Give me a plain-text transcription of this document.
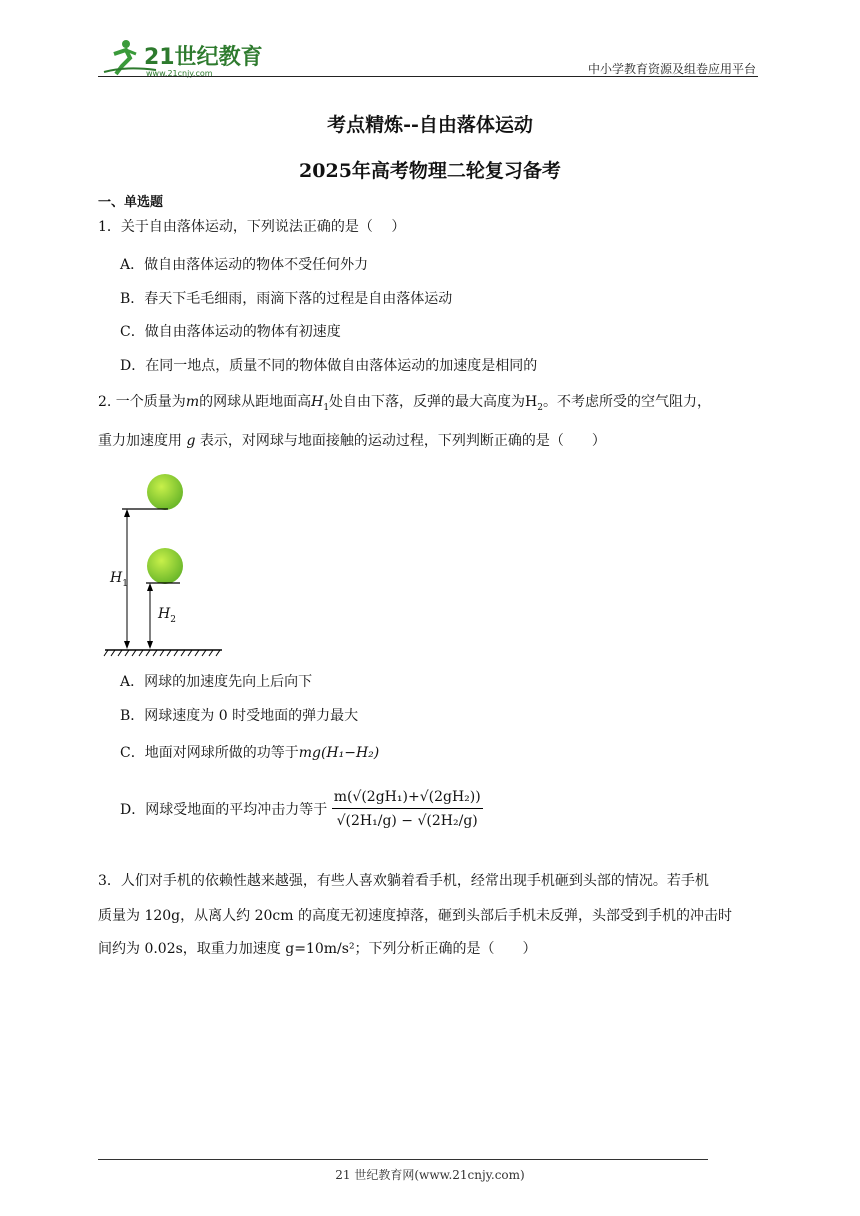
21世纪教育
www.21cnjy.com	中小学教育资源及组卷应用平台
考点精炼--自由落体运动
2025年高考物理二轮复习备考
一、单选题
1．关于自由落体运动，下列说法正确的是（　 ）
A．做自由落体运动的物体不受任何外力
B．春天下毛毛细雨，雨滴下落的过程是自由落体运动
C．做自由落体运动的物体有初速度
D．在同一地点，质量不同的物体做自由落体运动的加速度是相同的
2. 一个质量为m的网球从距地面高$H_1$处自由下落，反弹的最大高度为$H_2$。不考虑所受的空气阻力，
重力加速度用 g 表示，对网球与地面接触的运动过程，下列判断正确的是（　　）
$H_1$
$H_2$
A．网球的加速度先向上后向下
B．网球速度为 0 时受地面的弹力最大
C．地面对网球所做的功等于mg(H₁−H₂)
D．网球受地面的平均冲击力等于 $\frac{\text{m(√(2gH₁)+√(2gH₂))}}{\text{√(2H₁/g) − √(2H₂/g)}}$
3．人们对手机的依赖性越来越强，有些人喜欢躺着看手机，经常出现手机砸到头部的情况。若手机
质量为 120g，从离人约 20cm 的高度无初速度掉落，砸到头部后手机未反弹，头部受到手机的冲击时
间约为 0.02s，取重力加速度 g=10m/s²；下列分析正确的是（　　）
21 世纪教育网(www.21cnjy.com)
